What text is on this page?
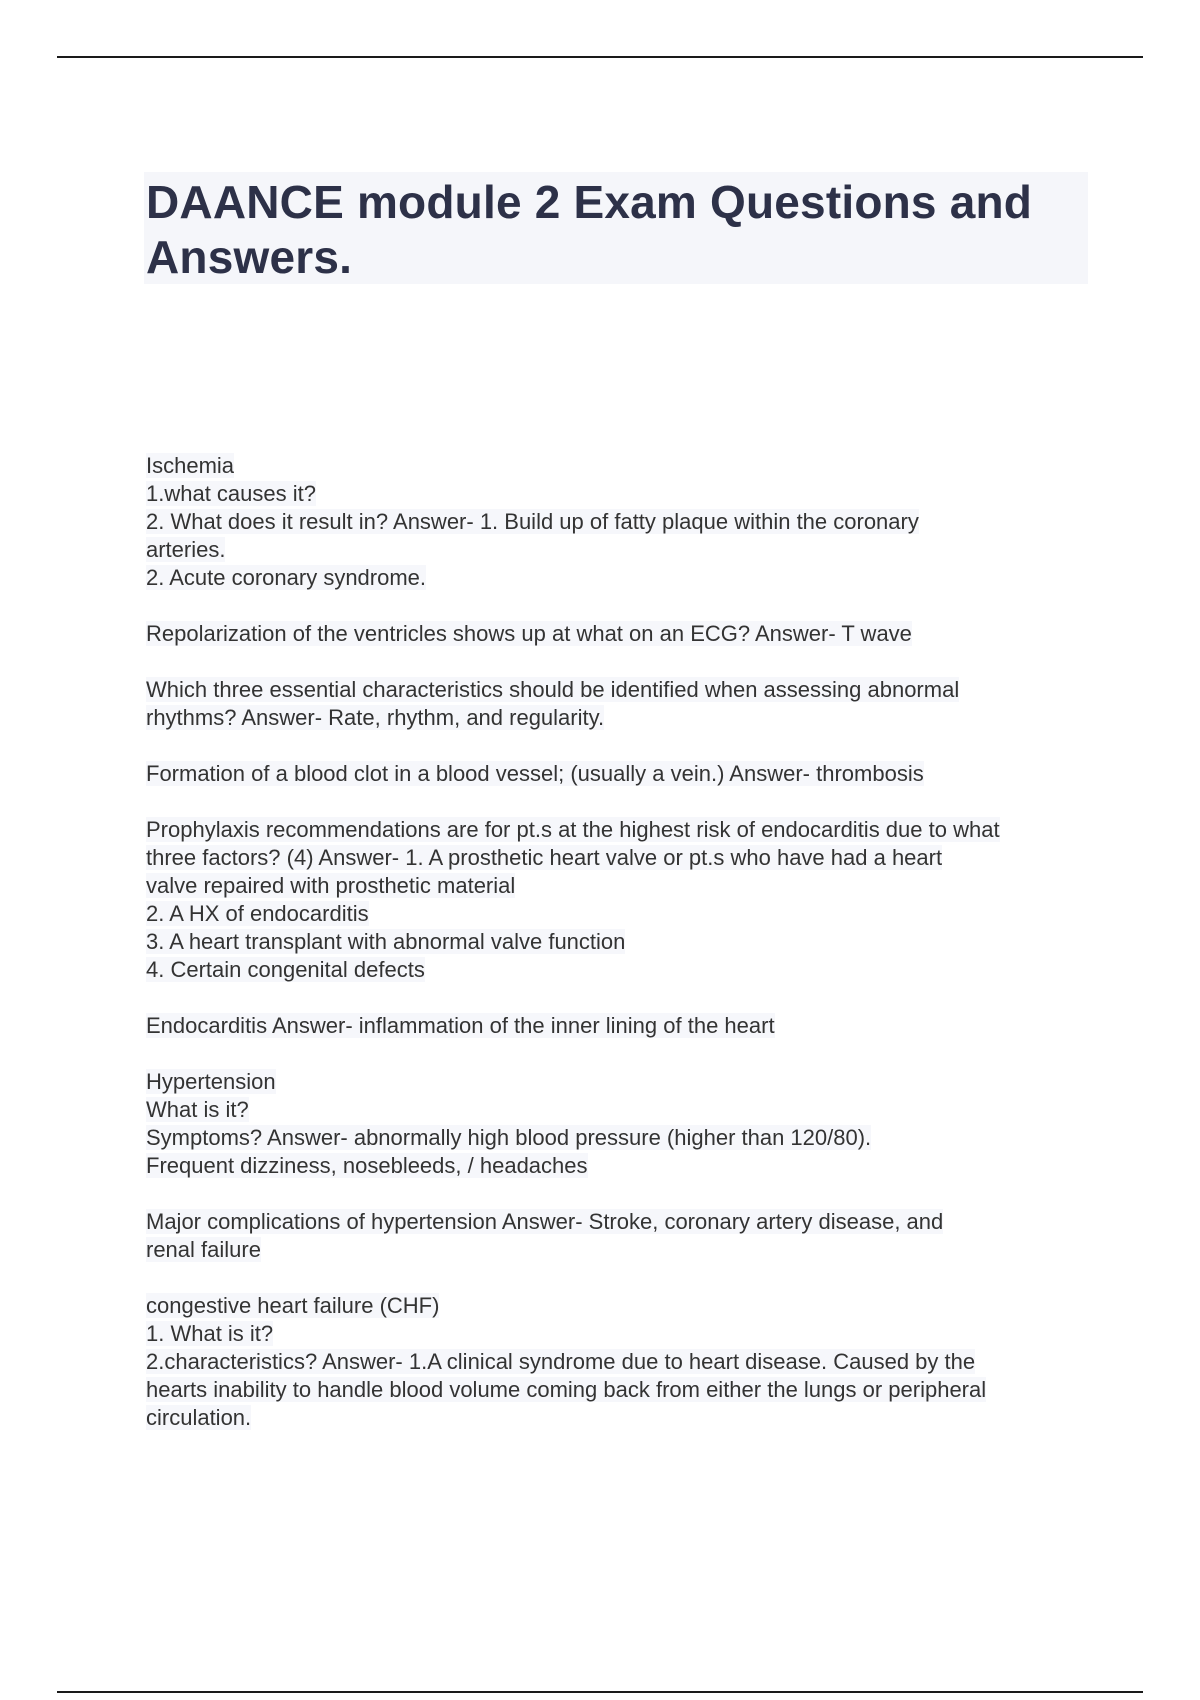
DAANCE module 2 Exam Questions and
Answers.
Ischemia
1.what causes it?
2. What does it result in? Answer- 1. Build up of fatty plaque within the coronary
arteries.
2. Acute coronary syndrome.
Repolarization of the ventricles shows up at what on an ECG? Answer- T wave
Which three essential characteristics should be identified when assessing abnormal
rhythms? Answer- Rate, rhythm, and regularity.
Formation of a blood clot in a blood vessel; (usually a vein.) Answer- thrombosis
Prophylaxis recommendations are for pt.s at the highest risk of endocarditis due to what
three factors? (4) Answer- 1. A prosthetic heart valve or pt.s who have had a heart
valve repaired with prosthetic material
2. A HX of endocarditis
3. A heart transplant with abnormal valve function
4. Certain congenital defects
Endocarditis Answer- inflammation of the inner lining of the heart
Hypertension
What is it?
Symptoms? Answer- abnormally high blood pressure (higher than 120/80).
Frequent dizziness, nosebleeds, / headaches
Major complications of hypertension Answer- Stroke, coronary artery disease, and
renal failure
congestive heart failure (CHF)
1. What is it?
2.characteristics? Answer- 1.A clinical syndrome due to heart disease. Caused by the
hearts inability to handle blood volume coming back from either the lungs or peripheral
circulation.
